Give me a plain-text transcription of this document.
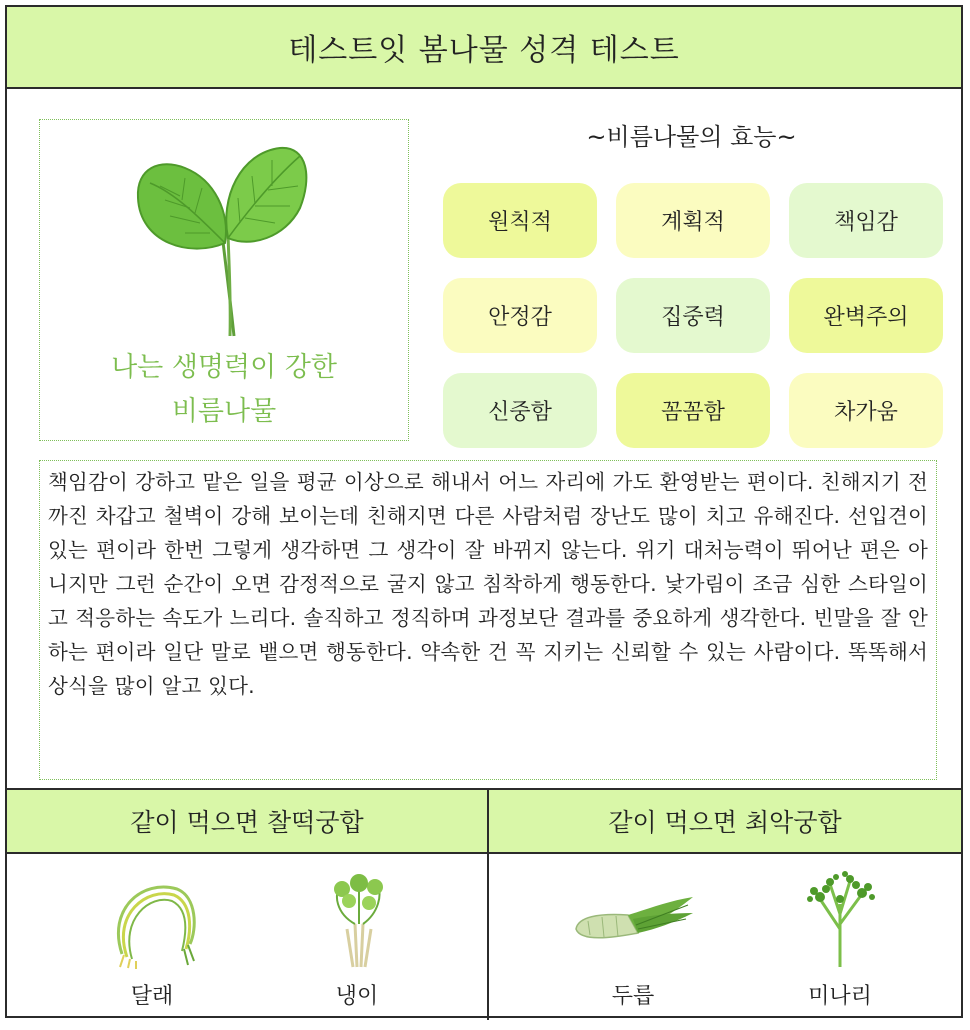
테스트잇 봄나물 성격 테스트
나는 생명력이 강한
비름나물
~비름나물의 효능~
원칙적	계획적	책임감
안정감	집중력	완벽주의
신중함	꼼꼼함	차가움
책임감이 강하고 맡은 일을 평균 이상으로 해내서 어느 자리에 가도 환영받는 편이다. 친해지기 전까진 차갑고 철벽이 강해 보이는데 친해지면 다른 사람처럼 장난도 많이 치고 유해진다. 선입견이 있는 편이라 한번 그렇게 생각하면 그 생각이 잘 바뀌지 않는다. 위기 대처능력이 뛰어난 편은 아니지만 그런 순간이 오면 감정적으로 굴지 않고 침착하게 행동한다. 낯가림이 조금 심한 스타일이고 적응하는 속도가 느리다. 솔직하고 정직하며 과정보단 결과를 중요하게 생각한다. 빈말을 잘 안 하는 편이라 일단 말로 뱉으면 행동한다. 약속한 건 꼭 지키는 신뢰할 수 있는 사람이다. 똑똑해서 상식을 많이 알고 있다.
같이 먹으면 찰떡궁합	같이 먹으면 최악궁합
달래	냉이	두릅	미나리
